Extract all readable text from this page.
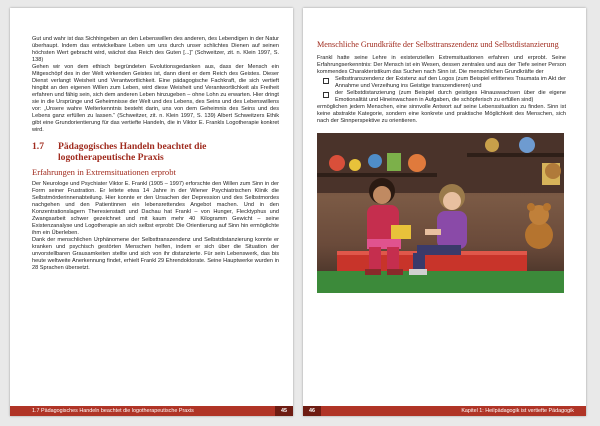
Gut und wahr ist das Sichhingeben an den Lebenswillen des anderen, des Lebendigen in der Natur überhaupt. Indem das entwickelbare Leben um uns durch unser schlichtes Dienen auf seinen höchsten Wert gebracht wird, wächst das Reich des Guten [...]“ (Schweitzer, zit. n. Klein 1997, S. 138)

Gehen wir von dem ethisch begründeten Evolutionsgedanken aus, dass der Mensch ein Mitgeschöpf des in der Welt wirkenden Geistes ist, dann dient er dem Reich des Geistes. Dieser Dienst verlangt Weisheit und Verantwortlichkeit. Eine pädagogische Fachkraft, die sich vertieft hingibt an den eigenen Willen zum Leben, wird diese Weisheit und Verantwortlichkeit als Freiheit erfahren und fähig sein, sich dem anderen Leben hinzugeben – ohne Lohn zu erwarten. Hier dringt sie in die Ursprünge und Geheimnisse der Welt und des Lebens, des Seins und des Lebenswillens vor: „Unsere wahre Welterkenntnis besteht darin, uns von dem Geheimnis des Seins und des Lebens ganz erfüllen zu lassen.“ (Schweitzer, zit. n. Klein 1997, S. 139) Albert Schweitzers Ethik gibt eine Grundorientierung für das vertiefte Handeln, die in Viktor E. Frankls Logotherapie konkret wird.

1.7	Pädagogisches Handeln beachtet die logotherapeutische Praxis
Erfahrungen in Extremsituationen erprobt

Der Neurologe und Psychiater Viktor E. Frankl (1905 – 1997) erforschte den Willen zum Sinn in der Form seiner Frustration. Er leitete etwa 14 Jahre in der Wiener Psychiatrischen Klinik die Selbstmörderinnenabteilung. Hier konnte er den Ursachen der Depression und des Selbstmordes nachgehen und den Patientinnen ein lebensrettendes Angebot machen. Und in den Konzentrationslagern Theresienstadt und Dachau hat Frankl – von Hunger, Flecktyphus und Zwangsarbeit schwer gezeichnet und mit kaum mehr 40 Kilogramm Gewicht – seine Existenzanalyse und Logotherapie an sich selbst erprobt: Die Orientierung auf Sinn hin ermöglichte ihm ein Überleben.

Dank der menschlichen Urphänomene der Selbsttranszendenz und Selbstdistanzierung konnte er kranken und psychisch gestörten Menschen helfen, indem er sich über die Situation der unvorstellbaren Grausamkeiten stellte und sich von ihr distanzierte. Für sein Lebenswerk, das bis heute weltweite Anerkennung findet, erhielt Frankl 29 Ehrendoktorate. Seine Hauptwerke wurden in 28 Sprachen übersetzt.

1.7 Pädagogisches Handeln beachtet die logotherapeutische Praxis	45
Menschliche Grundkräfte der Selbsttranszendenz und Selbstdistanzierung

Frankl hatte seine Lehre in existenziellen Extremsituationen erfahren und erprobt. Seine Erfahrungserkenntnis: Der Mensch ist ein Wesen, dessen zentrales und aus der Tiefe seiner Person kommendes Charakteristikum das Suchen nach Sinn ist. Die menschlichen Grundkräfte der

Selbsttranszendenz der Existenz auf den Logos (zum Beispiel erlittenes Traumata im Akt der Annahme und Verzeihung ins Geistige transzendieren) und

der Selbstdistanzierung (zum Beispiel durch geistiges Hinauswachsen über die eigene Emotionalität und Hineinwachsen in Aufgaben, die schöpferisch zu erfüllen sind)

ermöglichen jedem Menschen, eine sinnvolle Antwort auf seine Lebenssituation zu finden. Sinn ist keine abstrakte Kategorie, sondern eine konkrete und praktische Möglichkeit des Menschen, sich nach der Sinnperspektive zu orientieren.

46	Kapitel 1: Heilpädagogik ist vertiefte Pädagogik
